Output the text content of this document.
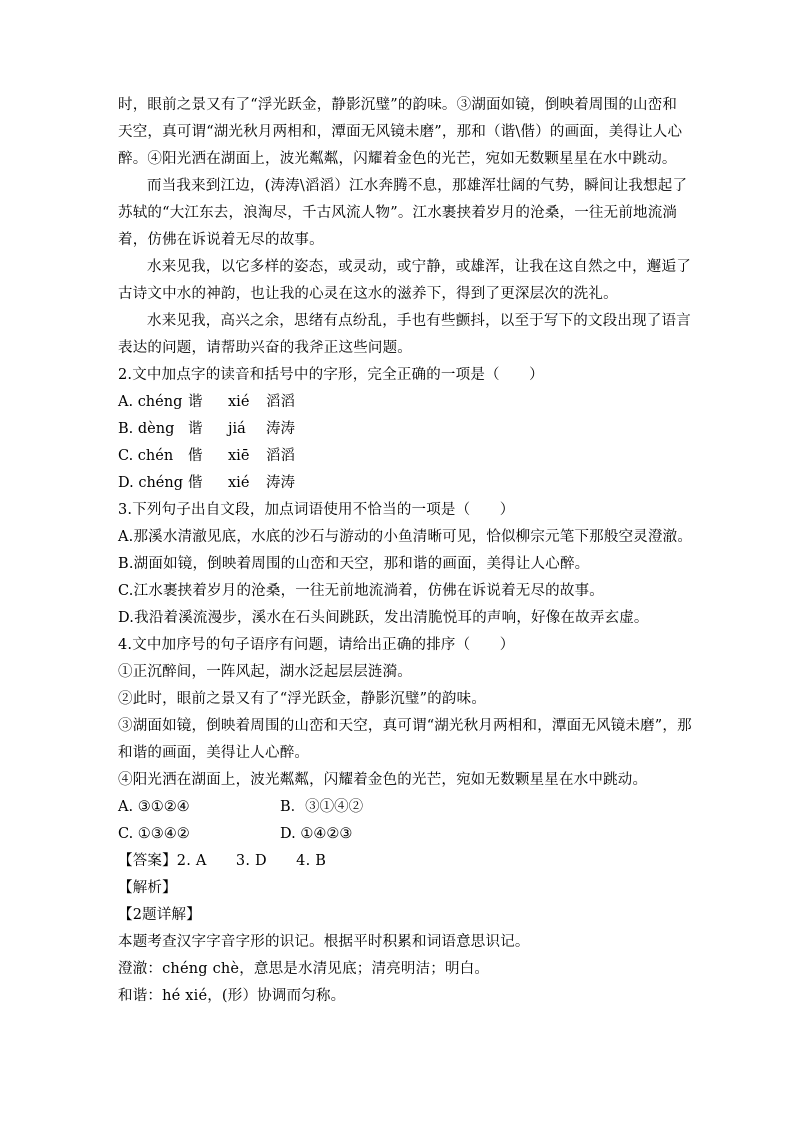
时，眼前之景又有了“浮光跃金，静影沉璧”的韵味。③湖面如镜，倒映着周围的山峦和
天空，真可谓“湖光秋月两相和，潭面无风镜未磨”，那和（谐\偕）的画面，美得让人心
醉。④阳光洒在湖面上，波光粼粼，闪耀着金色的光芒，宛如无数颗星星在水中跳动。
而当我来到江边，(涛涛\滔滔）江水奔腾不息，那雄浑壮阔的气势，瞬间让我想起了
苏轼的“大江东去，浪淘尽，千古风流人物”。江水裹挟着岁月的沧桑，一往无前地流淌
着，仿佛在诉说着无尽的故事。
水来见我，以它多样的姿态，或灵动，或宁静，或雄浑，让我在这自然之中，邂逅了
古诗文中水的神韵，也让我的心灵在这水的滋养下，得到了更深层次的洗礼。
水来见我，高兴之余，思绪有点纷乱，手也有些颤抖，以至于写下的文段出现了语言
表达的问题，请帮助兴奋的我斧正这些问题。
2.文中加点字的读音和括号中的字形，完全正确的一项是（　　）
A. chéng 谐 xié 滔滔
B. dèng 谐 jiá 涛涛
C. chén 偕 xiē 滔滔
D. chéng 偕 xié 涛涛
3.下列句子出自文段，加点词语使用不恰当的一项是（　　）
A.那溪水清澈见底，水底的沙石与游动的小鱼清晰可见，恰似柳宗元笔下那般空灵澄澈。
B.湖面如镜，倒映着周围的山峦和天空，那和谐的画面，美得让人心醉。
C.江水裹挟着岁月的沧桑，一往无前地流淌着，仿佛在诉说着无尽的故事。
D.我沿着溪流漫步，溪水在石头间跳跃，发出清脆悦耳的声响，好像在故弄玄虚。
4.文中加序号的句子语序有问题，请给出正确的排序（　　）
①正沉醉间，一阵风起，湖水泛起层层涟漪。
②此时，眼前之景又有了“浮光跃金，静影沉璧”的韵味。
③湖面如镜，倒映着周围的山峦和天空，真可谓“湖光秋月两相和，潭面无风镜未磨”，那
和谐的画面，美得让人心醉。
④阳光洒在湖面上，波光粼粼，闪耀着金色的光芒，宛如无数颗星星在水中跳动。
A. ③①②④	B．③①④②
C. ①③④②	D. ①④②③
【答案】2. A　　3. D　　4. B
【解析】
【2题详解】
本题考查汉字字音字形的识记。根据平时积累和词语意思识记。
澄澈：chéng chè，意思是水清见底；清亮明洁；明白。
和谐：hé xié，(形）协调而匀称。
